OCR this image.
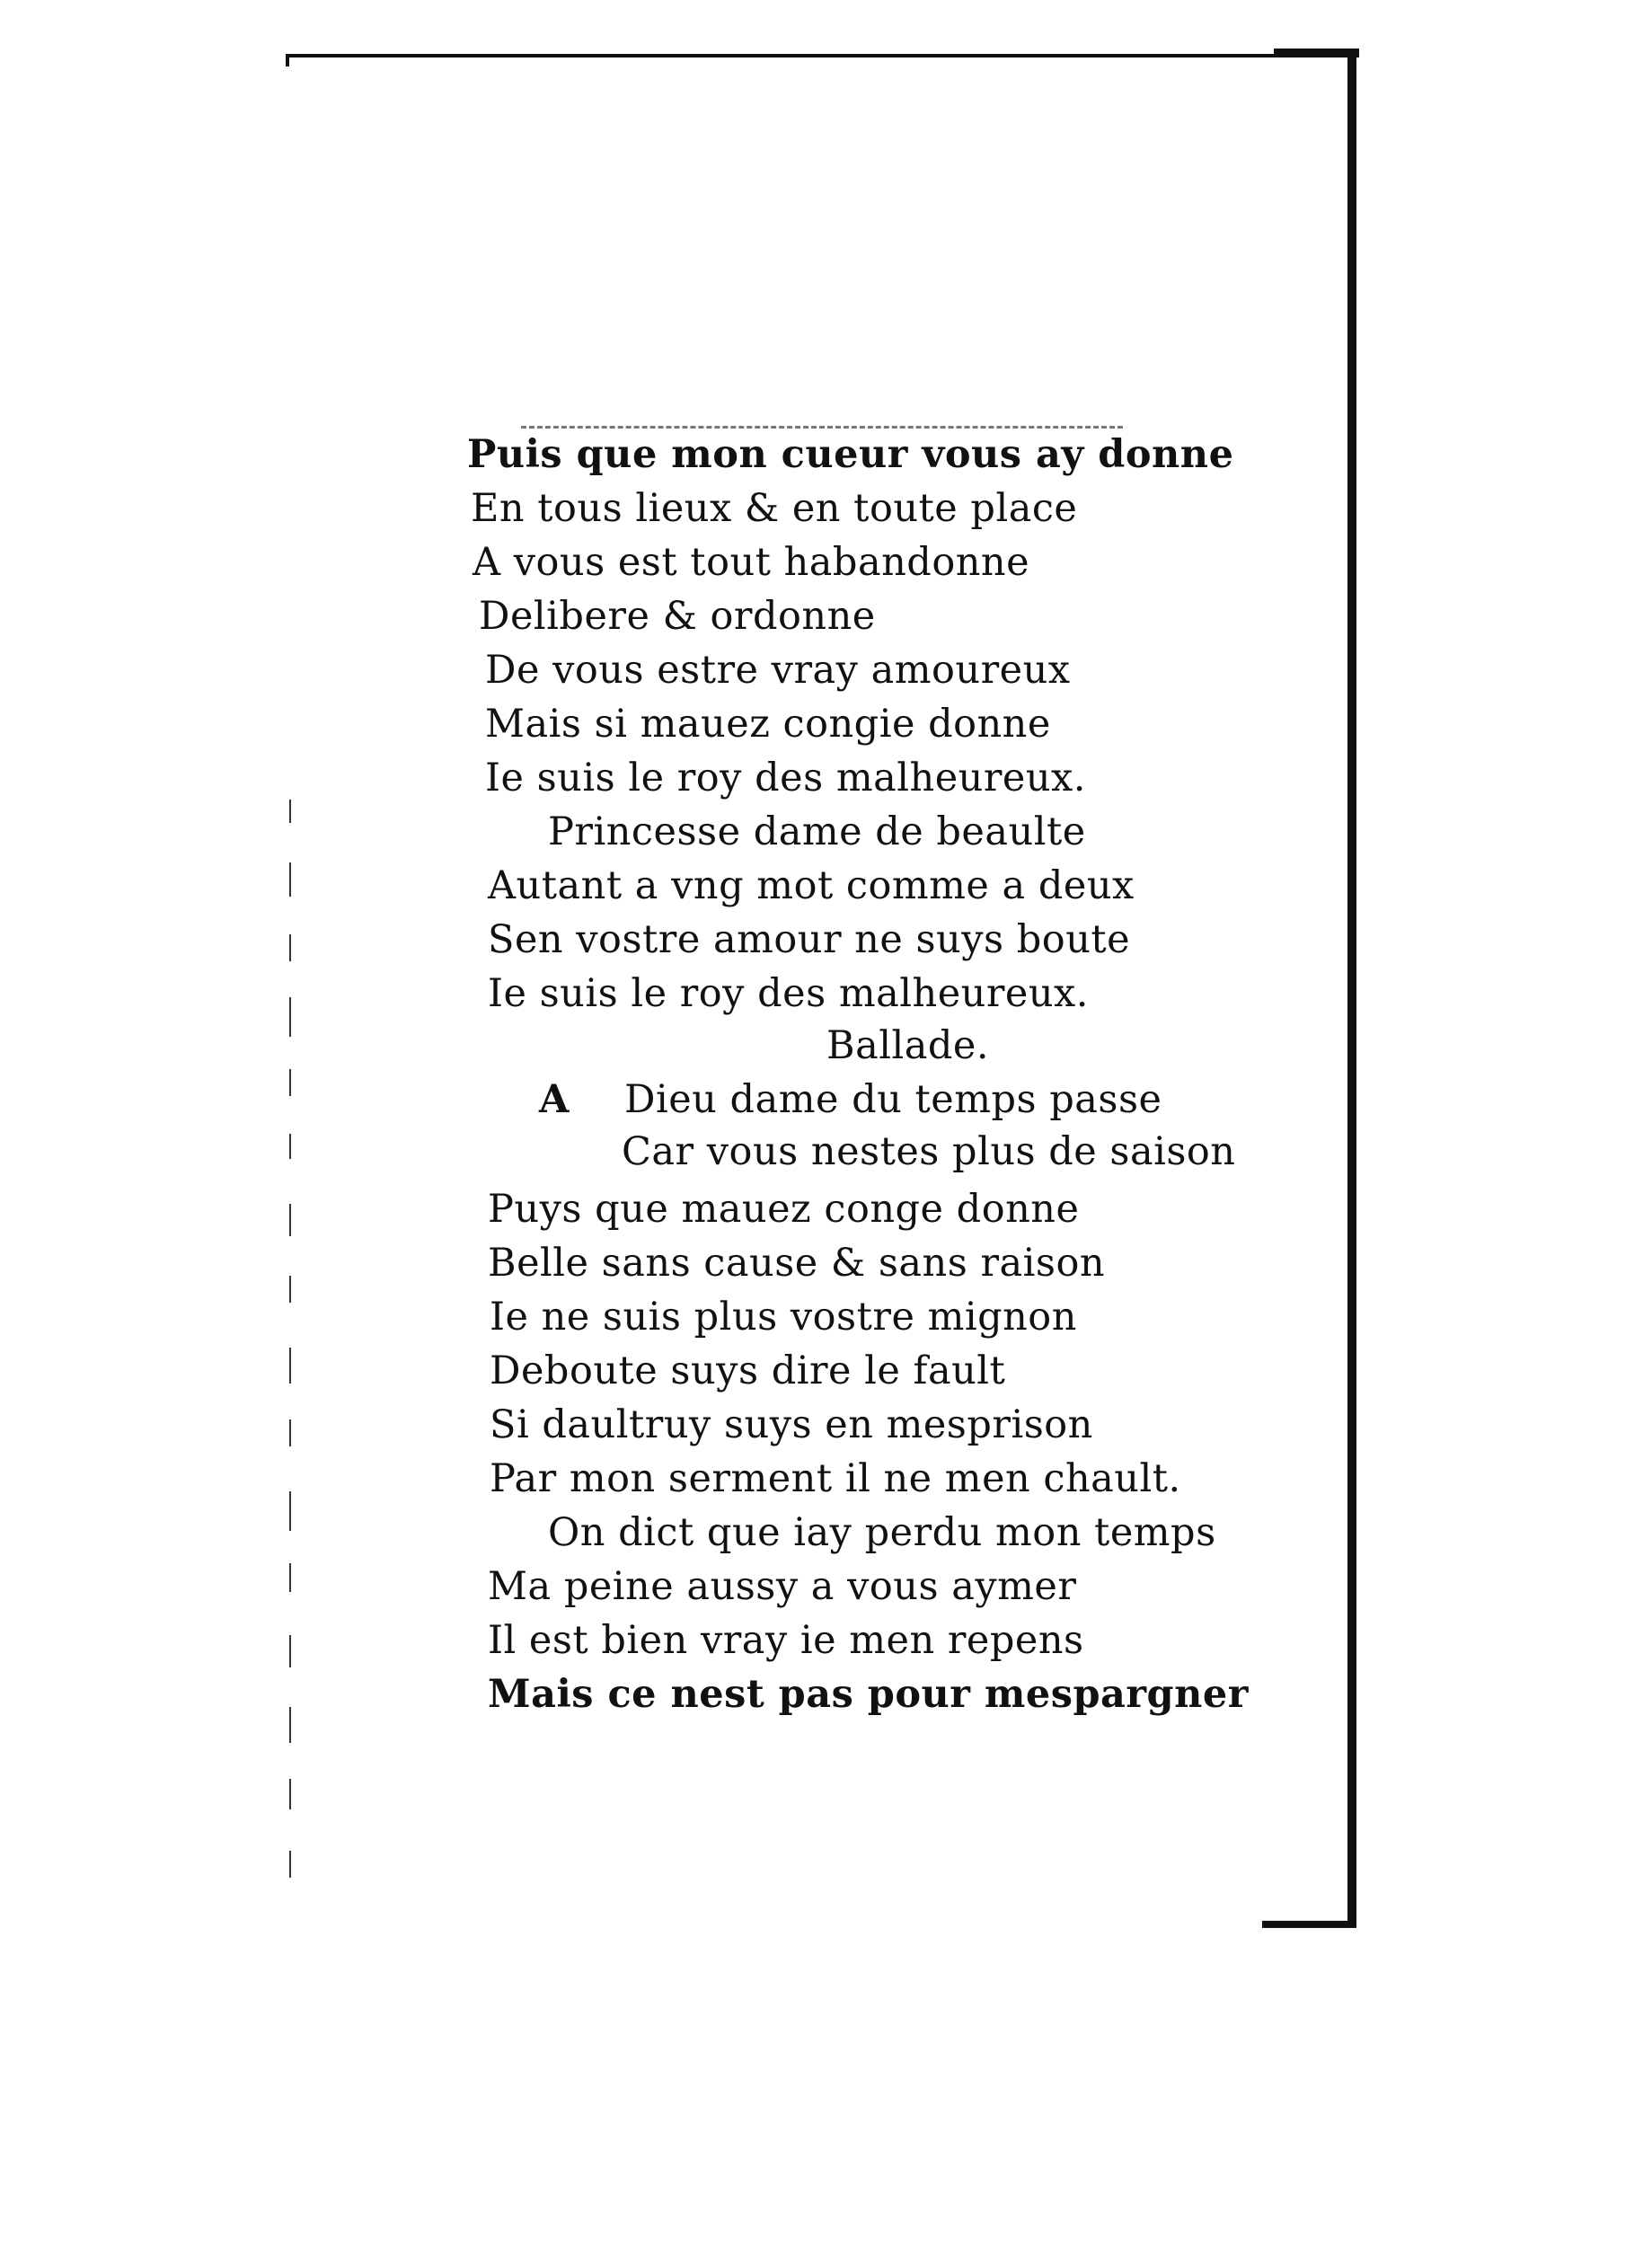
Puis que mon cueur vous ay donne
En tous lieux & en toute place
A vous est tout habandonne
Delibere & ordonne
De vous estre vray amoureux
Mais si mauez congie donne
Ie suis le roy des malheureux.
Princesse dame de beaulte
Autant a vng mot comme a deux
Sen vostre amour ne suys boute
Ie suis le roy des malheureux.
Ballade.
A Dieu dame du temps passe
Car vous nestes plus de saison
Puys que mauez conge donne
Belle sans cause & sans raison
Ie ne suis plus vostre mignon
Deboute suys dire le fault
Si daultruy suys en mesprison
Par mon serment il ne men chault.
On dict que iay perdu mon temps
Ma peine aussy a vous aymer
Il est bien vray ie men repens
Mais ce nest pas pour mespargner
